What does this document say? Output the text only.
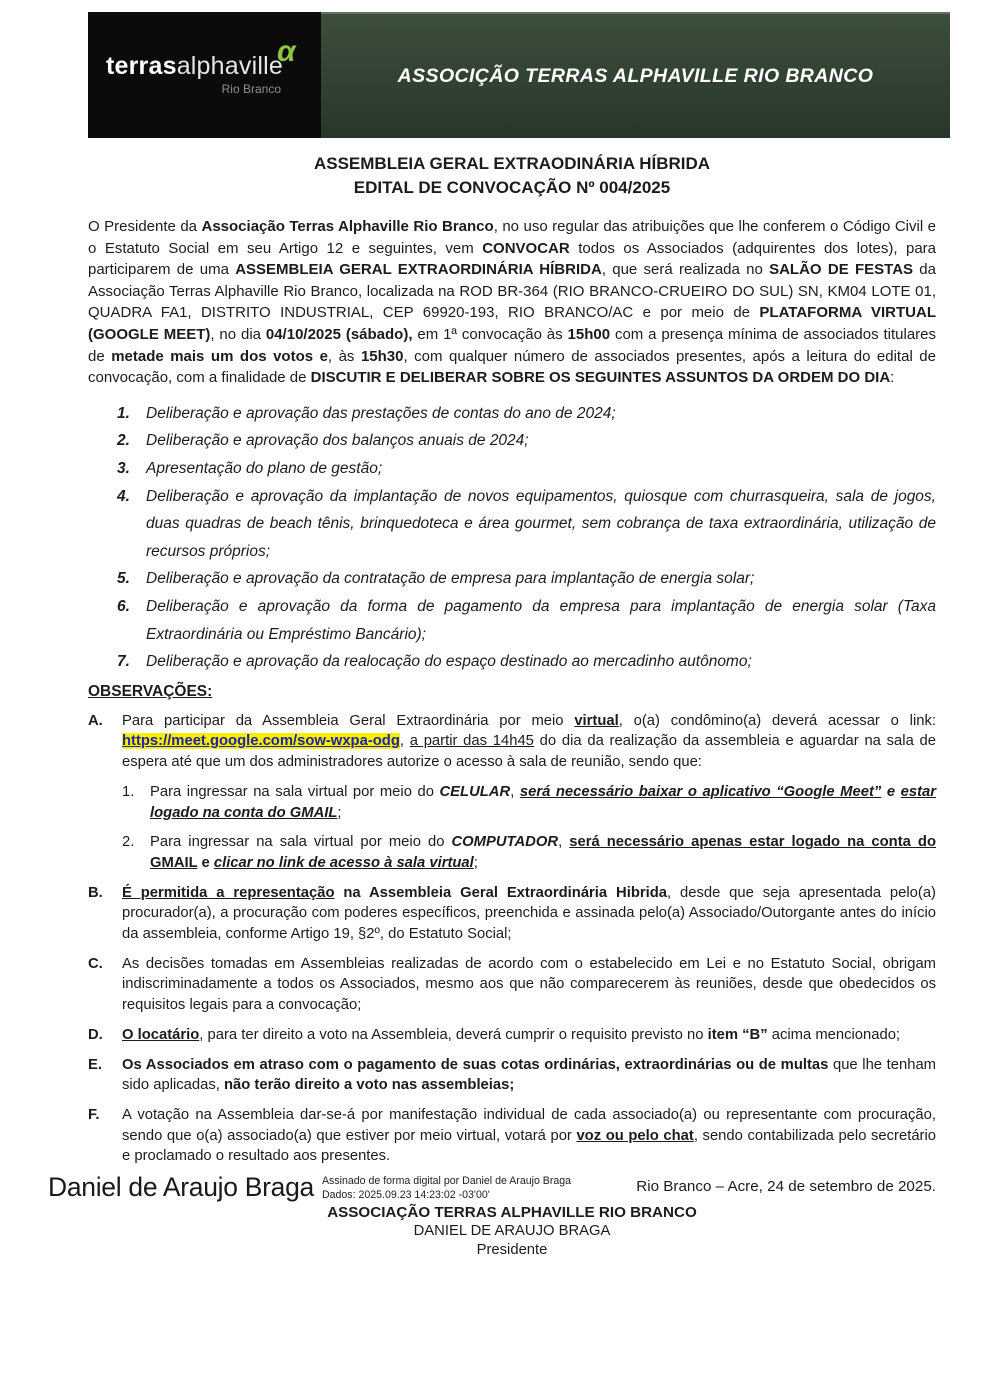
terrasalphavilleα
Rio Branco
ASSOCIÇÃO TERRAS ALPHAVILLE RIO BRANCO
ASSEMBLEIA GERAL EXTRAODINÁRIA HÍBRIDA
EDITAL DE CONVOCAÇÃO Nº 004/2025

O Presidente da Associação Terras Alphaville Rio Branco, no uso regular das atribuições que lhe conferem o Código Civil e o Estatuto Social em seu Artigo 12 e seguintes, vem CONVOCAR todos os Associados (adquirentes dos lotes), para participarem de uma ASSEMBLEIA GERAL EXTRAORDINÁRIA HÍBRIDA, que será realizada no SALÃO DE FESTAS da Associação Terras Alphaville Rio Branco, localizada na ROD BR-364 (RIO BRANCO-CRUEIRO DO SUL) SN, KM04 LOTE 01, QUADRA FA1, DISTRITO INDUSTRIAL, CEP 69920-193, RIO BRANCO/AC e por meio de PLATAFORMA VIRTUAL (GOOGLE MEET), no dia 04/10/2025 (sábado), em 1ª convocação às 15h00 com a presença mínima de associados titulares de metade mais um dos votos e, às 15h30, com qualquer número de associados presentes, após a leitura do edital de convocação, com a finalidade de DISCUTIR E DELIBERAR SOBRE OS SEGUINTES ASSUNTOS DA ORDEM DO DIA:

1.	Deliberação e aprovação das prestações de contas do ano de 2024;
2.	Deliberação e aprovação dos balanços anuais de 2024;
3.	Apresentação do plano de gestão;
4.	Deliberação e aprovação da implantação de novos equipamentos, quiosque com churrasqueira, sala de jogos, duas quadras de beach tênis, brinquedoteca e área gourmet, sem cobrança de taxa extraordinária, utilização de recursos próprios;
5.	Deliberação e aprovação da contratação de empresa para implantação de energia solar;
6.	Deliberação e aprovação da forma de pagamento da empresa para implantação de energia solar (Taxa Extraordinária ou Empréstimo Bancário);
7.	Deliberação e aprovação da realocação do espaço destinado ao mercadinho autônomo;
OBSERVAÇÕES:
A.	Para participar da Assembleia Geral Extraordinária por meio virtual, o(a) condômino(a) deverá acessar o link: https://meet.google.com/sow-wxpa-odg, a partir das 14h45 do dia da realização da assembleia e aguardar na sala de espera até que um dos administradores autorize o acesso à sala de reunião, sendo que:
1.	Para ingressar na sala virtual por meio do CELULAR, será necessário baixar o aplicativo “Google Meet” e estar logado na conta do GMAIL;
2.	Para ingressar na sala virtual por meio do COMPUTADOR, será necessário apenas estar logado na conta do GMAIL e clicar no link de acesso à sala virtual;
B.	É permitida a representação na Assembleia Geral Extraordinária Hibrida, desde que seja apresentada pelo(a) procurador(a), a procuração com poderes específicos, preenchida e assinada pelo(a) Associado/Outorgante antes do início da assembleia, conforme Artigo 19, §2º, do Estatuto Social;
C.	As decisões tomadas em Assembleias realizadas de acordo com o estabelecido em Lei e no Estatuto Social, obrigam indiscriminadamente a todos os Associados, mesmo aos que não comparecerem às reuniões, desde que obedecidos os requisitos legais para a convocação;
D.	O locatário, para ter direito a voto na Assembleia, deverá cumprir o requisito previsto no item “B” acima mencionado;
E.	Os Associados em atraso com o pagamento de suas cotas ordinárias, extraordinárias ou de multas que lhe tenham sido aplicadas, não terão direito a voto nas assembleias;
F.	A votação na Assembleia dar-se-á por manifestação individual de cada associado(a) ou representante com procuração, sendo que o(a) associado(a) que estiver por meio virtual, votará por voz ou pelo chat, sendo contabilizada pelo secretário e proclamado o resultado aos presentes.
Daniel de Araujo Braga Assinado de forma digital por Daniel de Araujo Braga
Dados: 2025.09.23 14:23:02 -03'00'	Rio Branco – Acre, 24 de setembro de 2025.
ASSOCIAÇÃO TERRAS ALPHAVILLE RIO BRANCO
DANIEL DE ARAUJO BRAGA
Presidente
